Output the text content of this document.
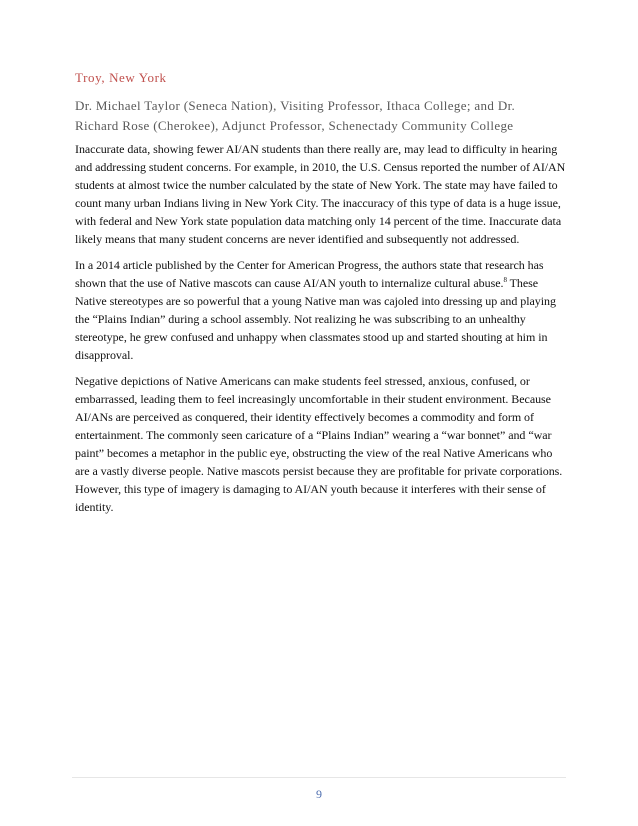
Troy, New York
Dr. Michael Taylor (Seneca Nation), Visiting Professor, Ithaca College; and Dr.
Richard Rose (Cherokee), Adjunct Professor, Schenectady Community College

Inaccurate data, showing fewer AI/AN students than there really are, may lead to difficulty in hearing and addressing student concerns. For example, in 2010, the U.S. Census reported the number of AI/AN students at almost twice the number calculated by the state of New York. The state may have failed to count many urban Indians living in New York City. The inaccuracy of this type of data is a huge issue, with federal and New York state population data matching only 14 percent of the time. Inaccurate data likely means that many student concerns are never identified and subsequently not addressed.

In a 2014 article published by the Center for American Progress, the authors state that research has shown that the use of Native mascots can cause AI/AN youth to internalize cultural abuse.$^8$ These Native stereotypes are so powerful that a young Native man was cajoled into dressing up and playing the “Plains Indian” during a school assembly. Not realizing he was subscribing to an unhealthy stereotype, he grew confused and unhappy when classmates stood up and started shouting at him in disapproval.

Negative depictions of Native Americans can make students feel stressed, anxious, confused, or embarrassed, leading them to feel increasingly uncomfortable in their student environment. Because AI/ANs are perceived as conquered, their identity effectively becomes a commodity and form of entertainment. The commonly seen caricature of a “Plains Indian” wearing a “war bonnet” and “war paint” becomes a metaphor in the public eye, obstructing the view of the real Native Americans who are a vastly diverse people. Native mascots persist because they are profitable for private corporations. However, this type of imagery is damaging to AI/AN youth because it interferes with their sense of identity.

9
